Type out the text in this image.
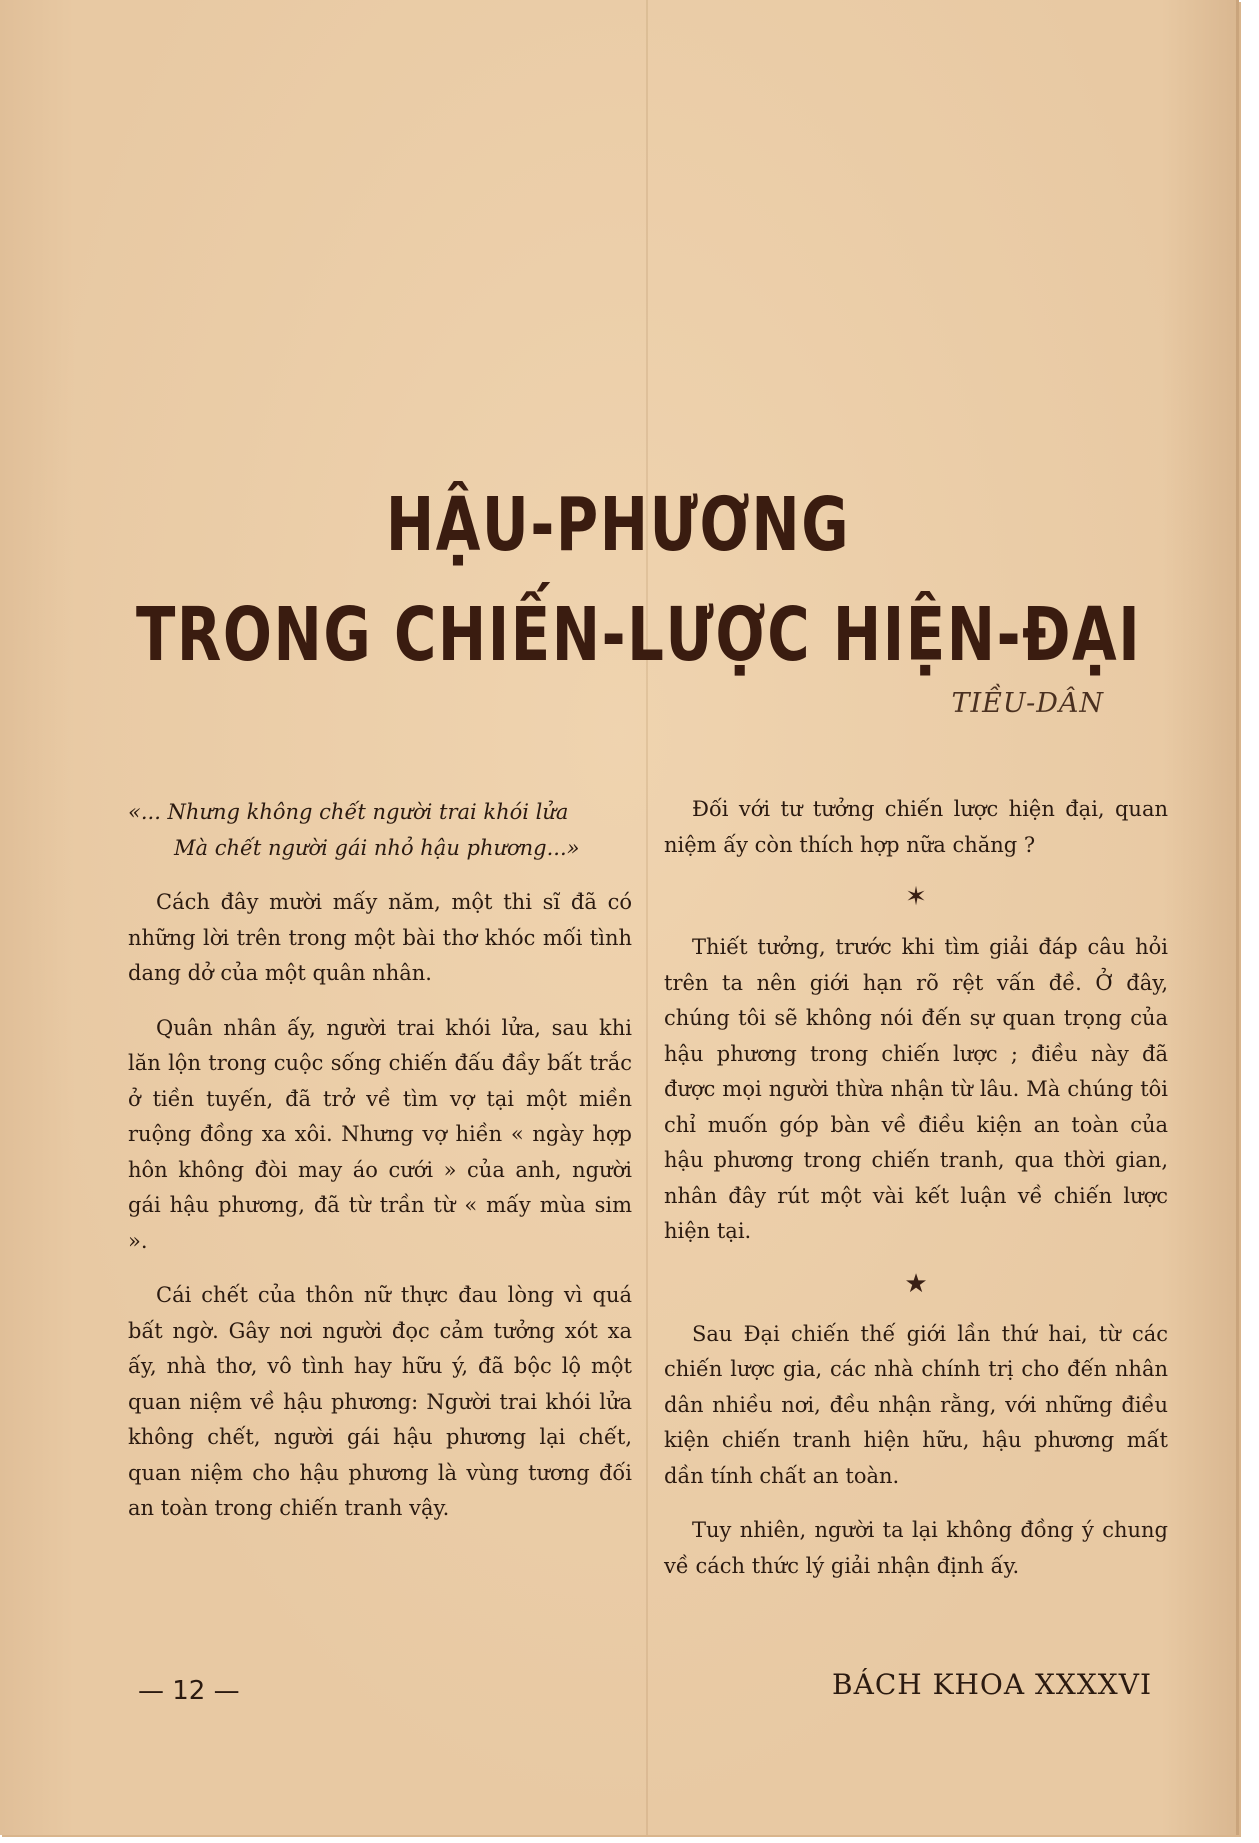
HẬU-PHƯƠNG
TRONG CHIẾN-LƯỢC HIỆN-ĐẠI
TIỀU-DÂN
«... Nhưng không chết người trai khói lửa
Mà chết người gái nhỏ hậu phương...»

Cách đây mười mấy năm, một thi sĩ đã có những lời trên trong một bài thơ khóc mối tình dang dở của một quân nhân.

Quân nhân ấy, người trai khói lửa, sau khi lăn lộn trong cuộc sống chiến đấu đầy bất trắc ở tiền tuyến, đã trở về tìm vợ tại một miền ruộng đồng xa xôi. Nhưng vợ hiền « ngày hợp hôn không đòi may áo cưới » của anh, người gái hậu phương, đã từ trần từ « mấy mùa sim ».

Cái chết của thôn nữ thực đau lòng vì quá bất ngờ. Gây nơi người đọc cảm tưởng xót xa ấy, nhà thơ, vô tình hay hữu ý, đã bộc lộ một quan niệm về hậu phương: Người trai khói lửa không chết, người gái hậu phương lại chết, quan niệm cho hậu phương là vùng tương đối an toàn trong chiến tranh vậy.

Đối với tư tưởng chiến lược hiện đại, quan niệm ấy còn thích hợp nữa chăng ?

✶

Thiết tưởng, trước khi tìm giải đáp câu hỏi trên ta nên giới hạn rõ rệt vấn đề. Ở đây, chúng tôi sẽ không nói đến sự quan trọng của hậu phương trong chiến lược ; điều này đã được mọi người thừa nhận từ lâu. Mà chúng tôi chỉ muốn góp bàn về điều kiện an toàn của hậu phương trong chiến tranh, qua thời gian, nhân đây rút một vài kết luận về chiến lược hiện tại.

★

Sau Đại chiến thế giới lần thứ hai, từ các chiến lược gia, các nhà chính trị cho đến nhân dân nhiều nơi, đều nhận rằng, với những điều kiện chiến tranh hiện hữu, hậu phương mất dần tính chất an toàn.

Tuy nhiên, người ta lại không đồng ý chung về cách thức lý giải nhận định ấy.

— 12 —	BÁCH KHOA XXXXVI
